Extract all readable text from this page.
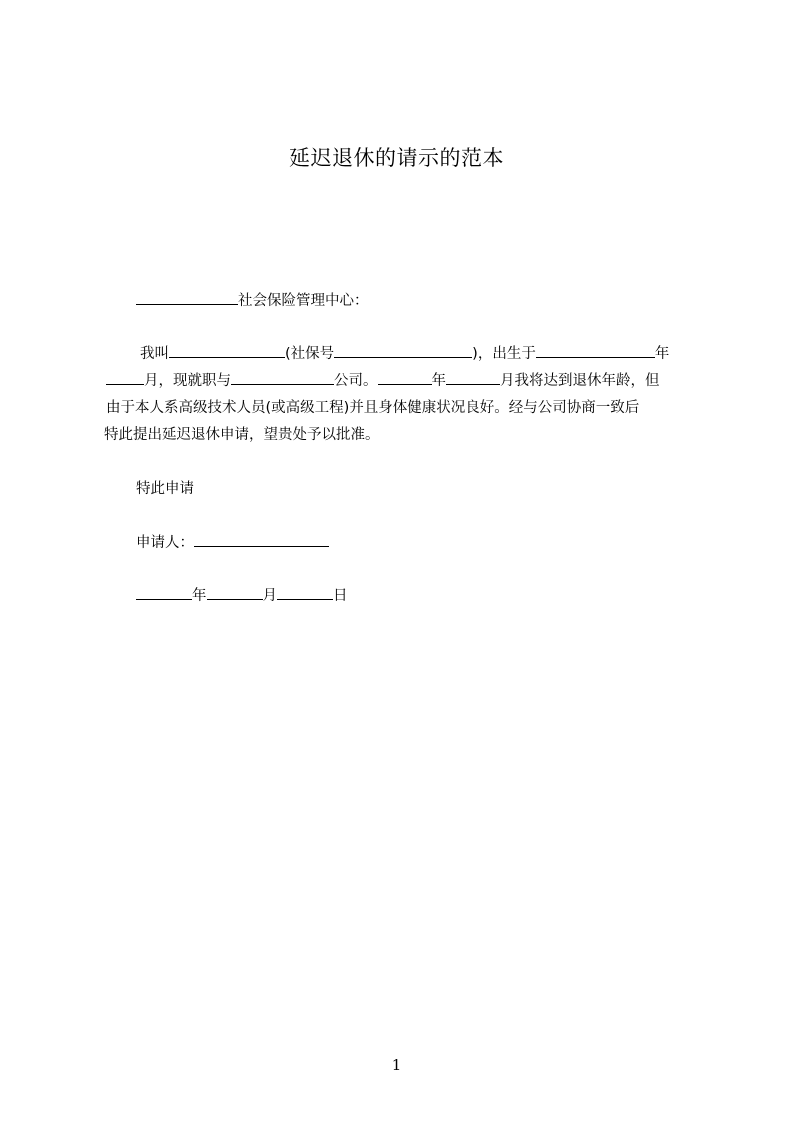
延迟退休的请示的范本
社会保险管理中心：
我叫	(社保号	)，出生于	年
月，现就职与	公司。	年	月我将达到退休年龄，但
由于本人系高级技术人员(或高级工程)并且身体健康状况良好。经与公司协商一致后
特此提出延迟退休申请，望贵处予以批准。
特此申请
申请人：
年	月	日
1
